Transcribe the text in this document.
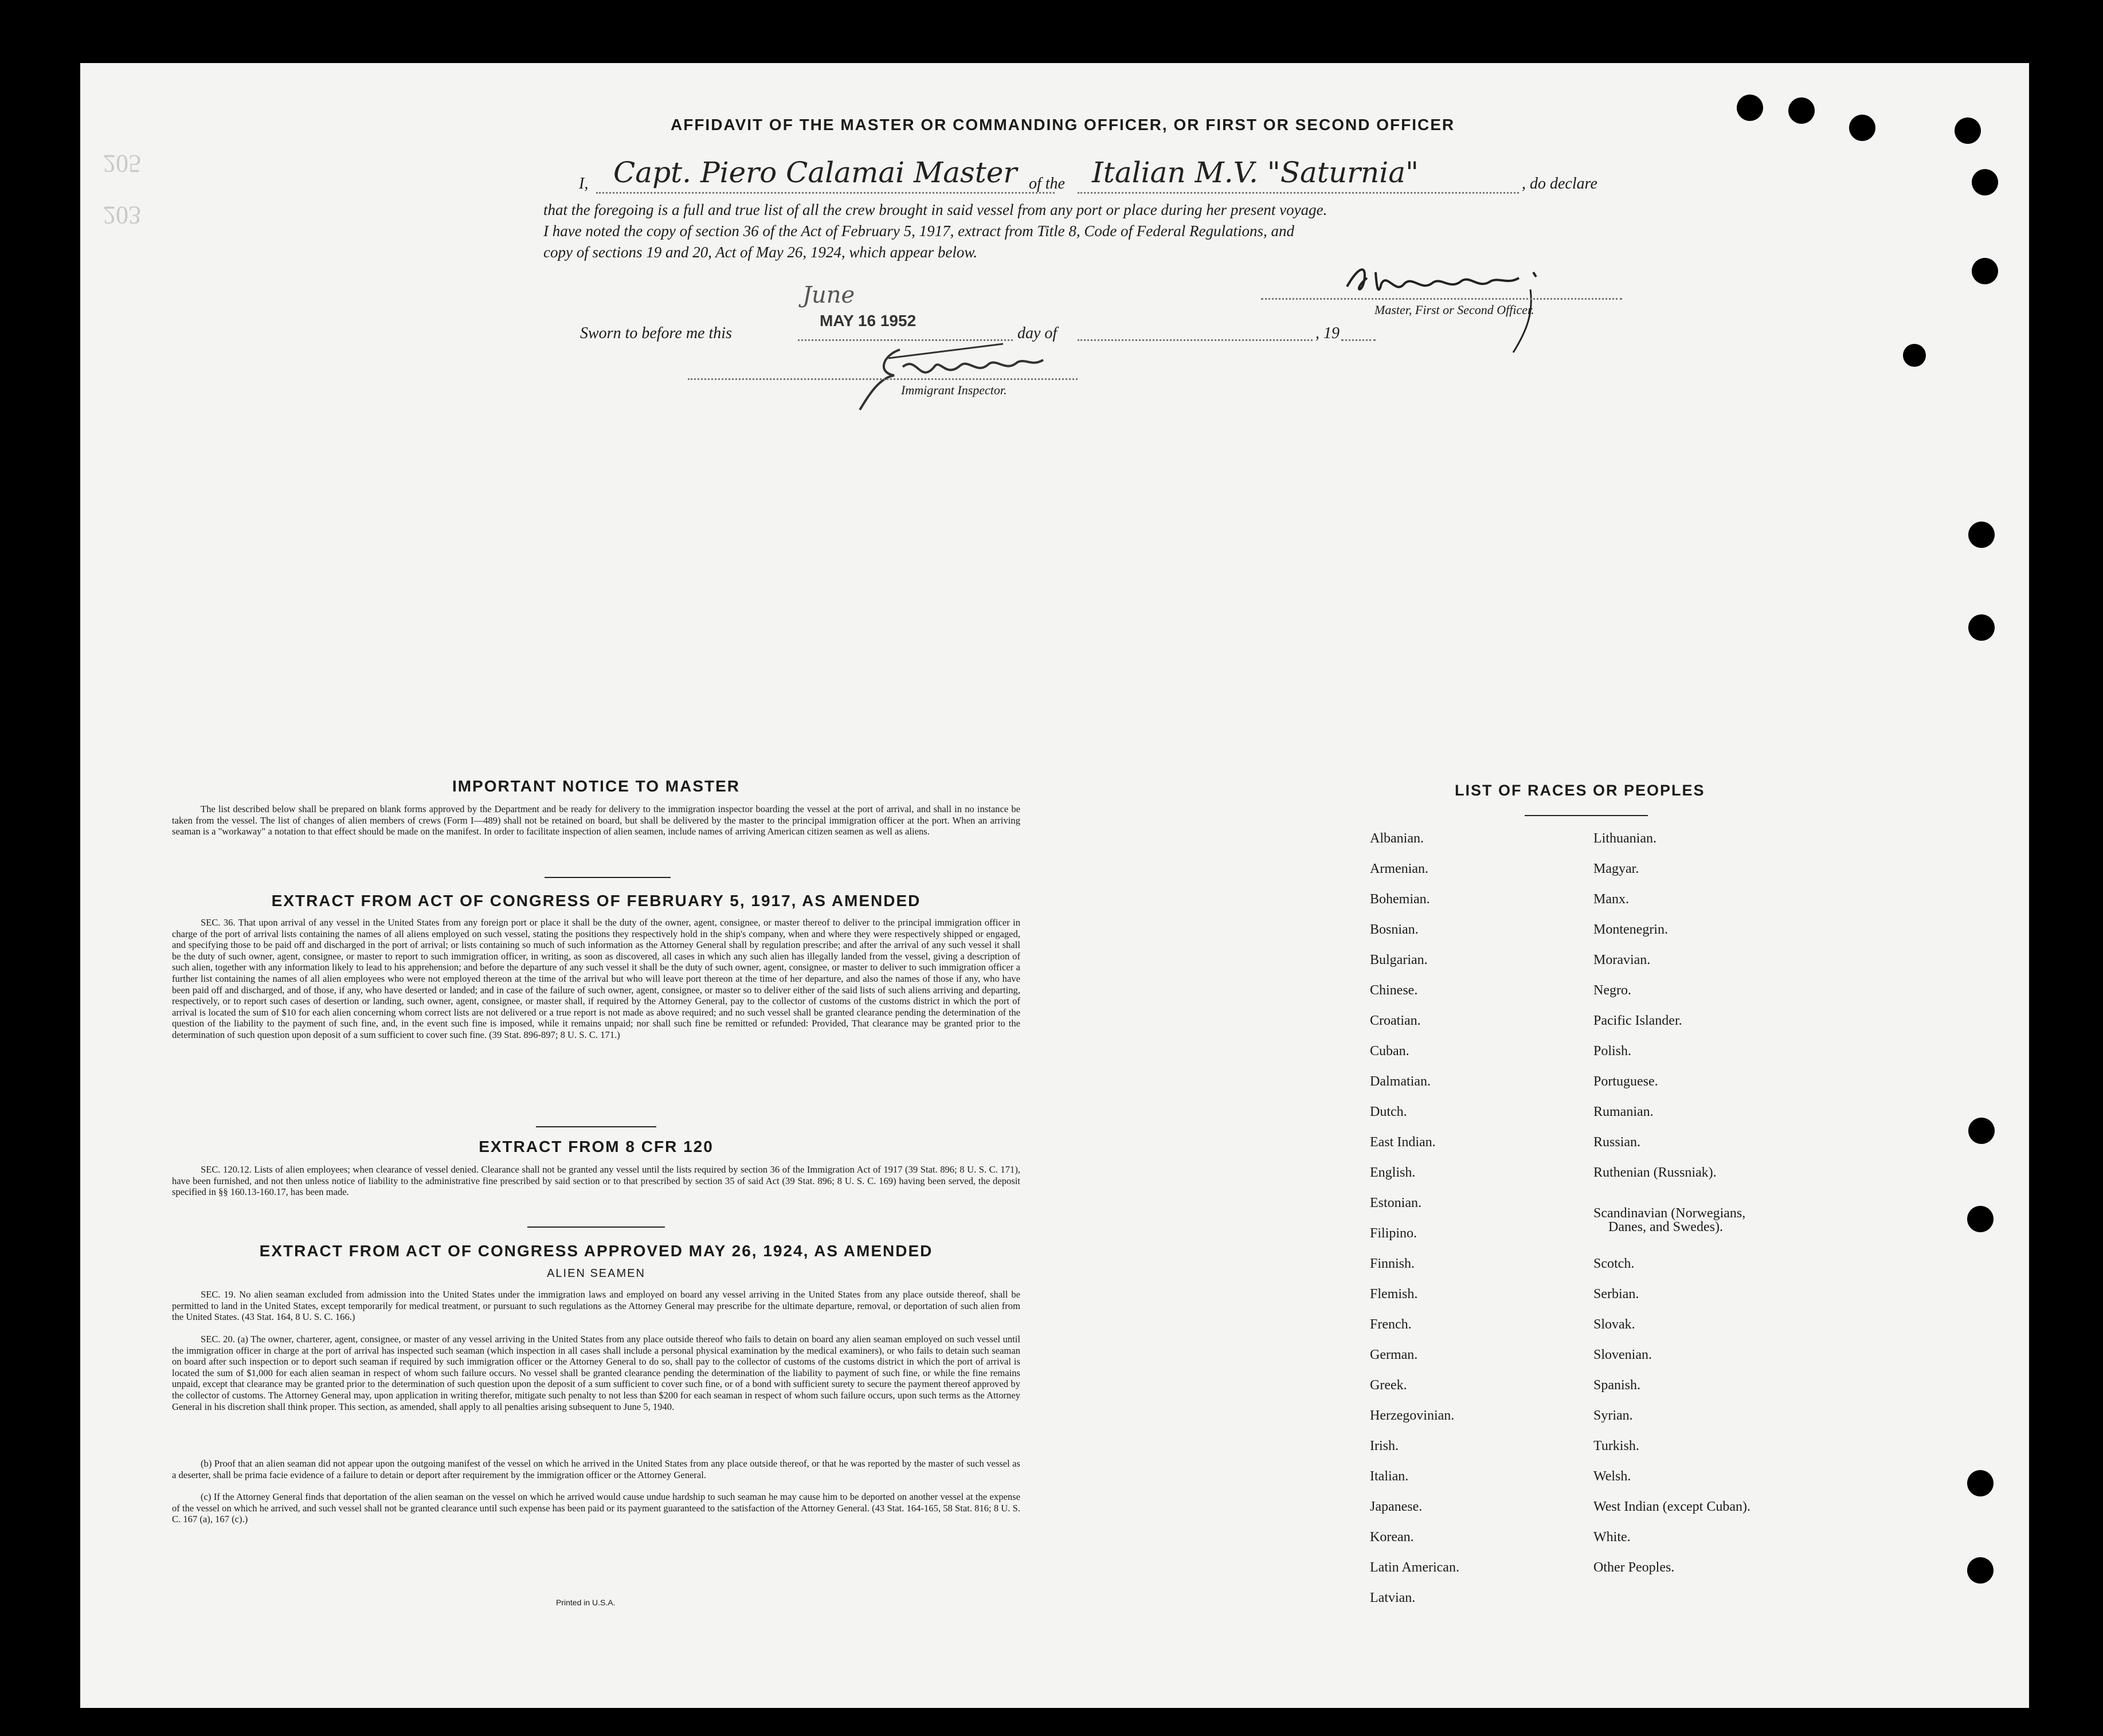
203
205
AFFIDAVIT OF THE MASTER OR COMMANDING OFFICER, OR FIRST OR SECOND OFFICER
I, Capt. Piero Calamai Master of the Italian M.V. "Saturnia"	, do declare
that the foregoing is a full and true list of all the crew brought in said vessel from any port or place during her present voyage.
I have noted the copy of section 36 of the Act of February 5, 1917, extract from Title 8, Code of Federal Regulations, and
copy of sections 19 and 20, Act of May 26, 1924, which appear below.
Master, First or Second Officer.
Sworn to before me this
June
MAY 16 1952
day of	, 19
Immigrant Inspector.
IMPORTANT NOTICE TO MASTER
The list described below shall be prepared on blank forms approved by the Department and be ready for delivery to the immigration inspector boarding the vessel at the port of arrival, and shall in no instance be taken from the vessel. The list of changes of alien members of crews (Form I—489) shall not be retained on board, but shall be delivered by the master to the principal immigration officer at the port. When an arriving seaman is a "workaway" a notation to that effect should be made on the manifest. In order to facilitate inspection of alien seamen, include names of arriving American citizen seamen as well as aliens.
EXTRACT FROM ACT OF CONGRESS OF FEBRUARY 5, 1917, AS AMENDED
SEC. 36. That upon arrival of any vessel in the United States from any foreign port or place it shall be the duty of the owner, agent, consignee, or master thereof to deliver to the principal immigration officer in charge of the port of arrival lists containing the names of all aliens employed on such vessel, stating the positions they respectively hold in the ship's company, when and where they were respectively shipped or engaged, and specifying those to be paid off and discharged in the port of arrival; or lists containing so much of such information as the Attorney General shall by regulation prescribe; and after the arrival of any such vessel it shall be the duty of such owner, agent, consignee, or master to report to such immigration officer, in writing, as soon as discovered, all cases in which any such alien has illegally landed from the vessel, giving a description of such alien, together with any information likely to lead to his apprehension; and before the departure of any such vessel it shall be the duty of such owner, agent, consignee, or master to deliver to such immigration officer a further list containing the names of all alien employees who were not employed thereon at the time of the arrival but who will leave port thereon at the time of her departure, and also the names of those if any, who have been paid off and discharged, and of those, if any, who have deserted or landed; and in case of the failure of such owner, agent, consignee, or master so to deliver either of the said lists of such aliens arriving and departing, respectively, or to report such cases of desertion or landing, such owner, agent, consignee, or master shall, if required by the Attorney General, pay to the collector of customs of the customs district in which the port of arrival is located the sum of $10 for each alien concerning whom correct lists are not delivered or a true report is not made as above required; and no such vessel shall be granted clearance pending the determination of the question of the liability to the payment of such fine, and, in the event such fine is imposed, while it remains unpaid; nor shall such fine be remitted or refunded: Provided, That clearance may be granted prior to the determination of such question upon deposit of a sum sufficient to cover such fine. (39 Stat. 896-897; 8 U. S. C. 171.)
EXTRACT FROM 8 CFR 120
SEC. 120.12. Lists of alien employees; when clearance of vessel denied. Clearance shall not be granted any vessel until the lists required by section 36 of the Immigration Act of 1917 (39 Stat. 896; 8 U. S. C. 171), have been furnished, and not then unless notice of liability to the administrative fine prescribed by said section or to that prescribed by section 35 of said Act (39 Stat. 896; 8 U. S. C. 169) having been served, the deposit specified in §§ 160.13-160.17, has been made.
EXTRACT FROM ACT OF CONGRESS APPROVED MAY 26, 1924, AS AMENDED
ALIEN SEAMEN
SEC. 19. No alien seaman excluded from admission into the United States under the immigration laws and employed on board any vessel arriving in the United States from any place outside thereof, shall be permitted to land in the United States, except temporarily for medical treatment, or pursuant to such regulations as the Attorney General may prescribe for the ultimate departure, removal, or deportation of such alien from the United States. (43 Stat. 164, 8 U. S. C. 166.)
SEC. 20. (a) The owner, charterer, agent, consignee, or master of any vessel arriving in the United States from any place outside thereof who fails to detain on board any alien seaman employed on such vessel until the immigration officer in charge at the port of arrival has inspected such seaman (which inspection in all cases shall include a personal physical examination by the medical examiners), or who fails to detain such seaman on board after such inspection or to deport such seaman if required by such immigration officer or the Attorney General to do so, shall pay to the collector of customs of the customs district in which the port of arrival is located the sum of $1,000 for each alien seaman in respect of whom such failure occurs. No vessel shall be granted clearance pending the determination of the liability to payment of such fine, or while the fine remains unpaid, except that clearance may be granted prior to the determination of such question upon the deposit of a sum sufficient to cover such fine, or of a bond with sufficient surety to secure the payment thereof approved by the collector of customs. The Attorney General may, upon application in writing therefor, mitigate such penalty to not less than $200 for each seaman in respect of whom such failure occurs, upon such terms as the Attorney General in his discretion shall think proper. This section, as amended, shall apply to all penalties arising subsequent to June 5, 1940.
(b) Proof that an alien seaman did not appear upon the outgoing manifest of the vessel on which he arrived in the United States from any place outside thereof, or that he was reported by the master of such vessel as a deserter, shall be prima facie evidence of a failure to detain or deport after requirement by the immigration officer or the Attorney General.
(c) If the Attorney General finds that deportation of the alien seaman on the vessel on which he arrived would cause undue hardship to such seaman he may cause him to be deported on another vessel at the expense of the vessel on which he arrived, and such vessel shall not be granted clearance until such expense has been paid or its payment guaranteed to the satisfaction of the Attorney General. (43 Stat. 164-165, 58 Stat. 816; 8 U. S. C. 167 (a), 167 (c).)
Printed in U.S.A.
LIST OF RACES OR PEOPLES
Albanian.
Armenian.
Bohemian.
Bosnian.
Bulgarian.
Chinese.
Croatian.
Cuban.
Dalmatian.
Dutch.
East Indian.
English.
Estonian.
Filipino.
Finnish.
Flemish.
French.
German.
Greek.
Herzegovinian.
Irish.
Italian.
Japanese.
Korean.
Latin American.
Latvian.
Lithuanian.
Magyar.
Manx.
Montenegrin.
Moravian.
Negro.
Pacific Islander.
Polish.
Portuguese.
Rumanian.
Russian.
Ruthenian (Russniak).
Scandinavian (Norwegians,
Danes, and Swedes).
Scotch.
Serbian.
Slovak.
Slovenian.
Spanish.
Syrian.
Turkish.
Welsh.
West Indian (except Cuban).
White.
Other Peoples.
